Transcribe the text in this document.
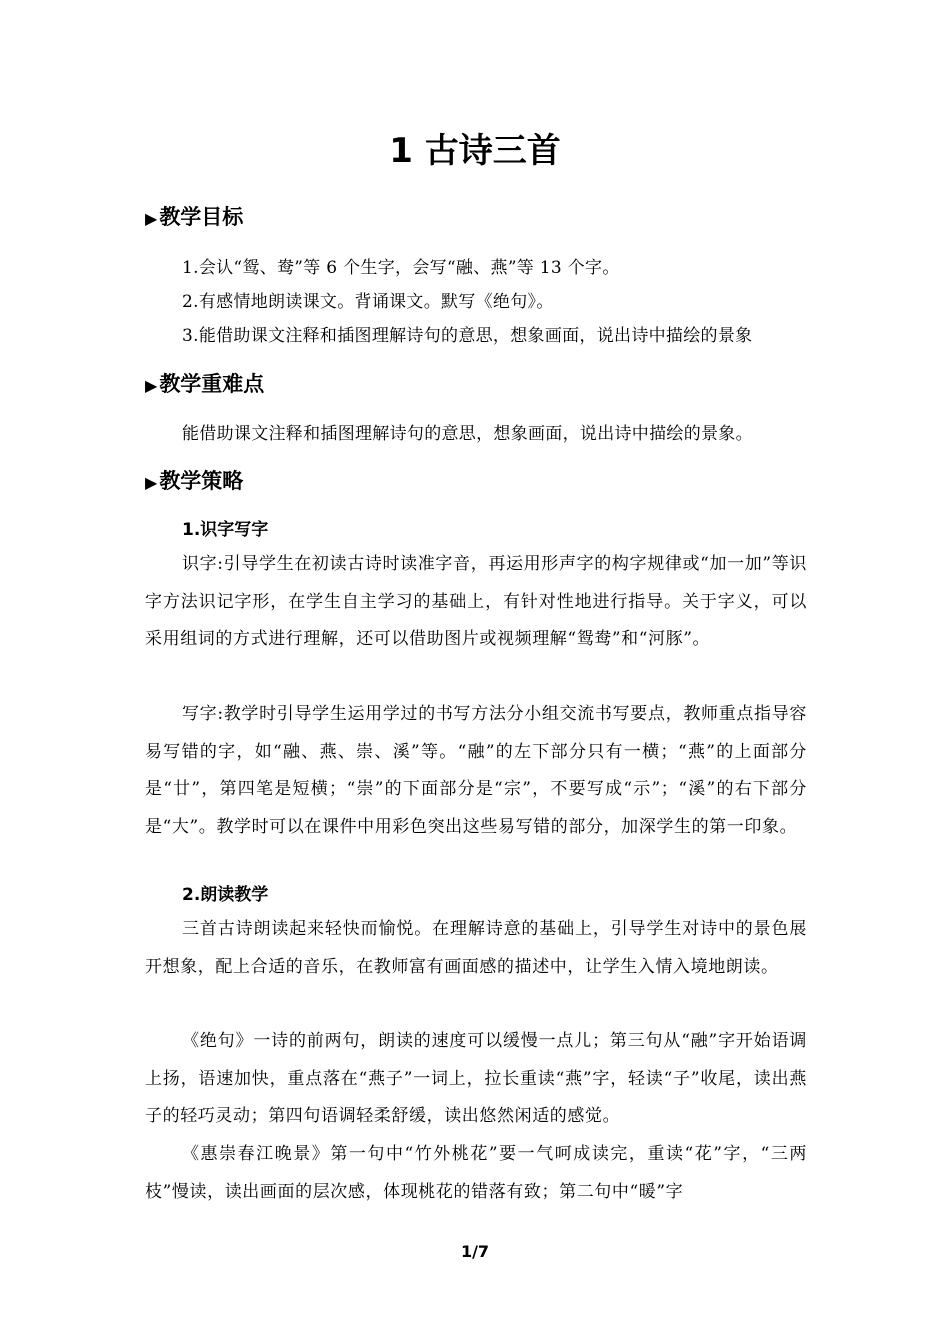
1 古诗三首
▶教学目标
1.会认“鸳、鸯”等 6 个生字，会写“融、燕”等 13 个字。
2.有感情地朗读课文。背诵课文。默写《绝句》。
3.能借助课文注释和插图理解诗句的意思，想象画面，说出诗中描绘的景象
▶教学重难点
能借助课文注释和插图理解诗句的意思，想象画面，说出诗中描绘的景象。
▶教学策略
1.识字写字

识字:引导学生在初读古诗时读准字音，再运用形声字的构字规律或“加一加”等识字方法识记字形，在学生自主学习的基础上，有针对性地进行指导。关于字义，可以采用组词的方式进行理解，还可以借助图片或视频理解“鸳鸯”和“河豚”。

写字:教学时引导学生运用学过的书写方法分小组交流书写要点，教师重点指导容易写错的字，如“融、燕、崇、溪”等。“融”的左下部分只有一横；“燕”的上面部分是“廿”，第四笔是短横；“崇”的下面部分是“宗”，不要写成“示”；“溪”的右下部分是“大”。教学时可以在课件中用彩色突出这些易写错的部分，加深学生的第一印象。

2.朗读教学

三首古诗朗读起来轻快而愉悦。在理解诗意的基础上，引导学生对诗中的景色展开想象，配上合适的音乐，在教师富有画面感的描述中，让学生入情入境地朗读。

《绝句》一诗的前两句，朗读的速度可以缓慢一点儿；第三句从“融”字开始语调上扬，语速加快，重点落在“燕子”一词上，拉长重读“燕”字，轻读“子”收尾，读出燕子的轻巧灵动；第四句语调轻柔舒缓，读出悠然闲适的感觉。

《惠崇春江晚景》第一句中“竹外桃花”要一气呵成读完，重读“花”字，“三两枝”慢读，读出画面的层次感，体现桃花的错落有致；第二句中“暖”字

1/7
